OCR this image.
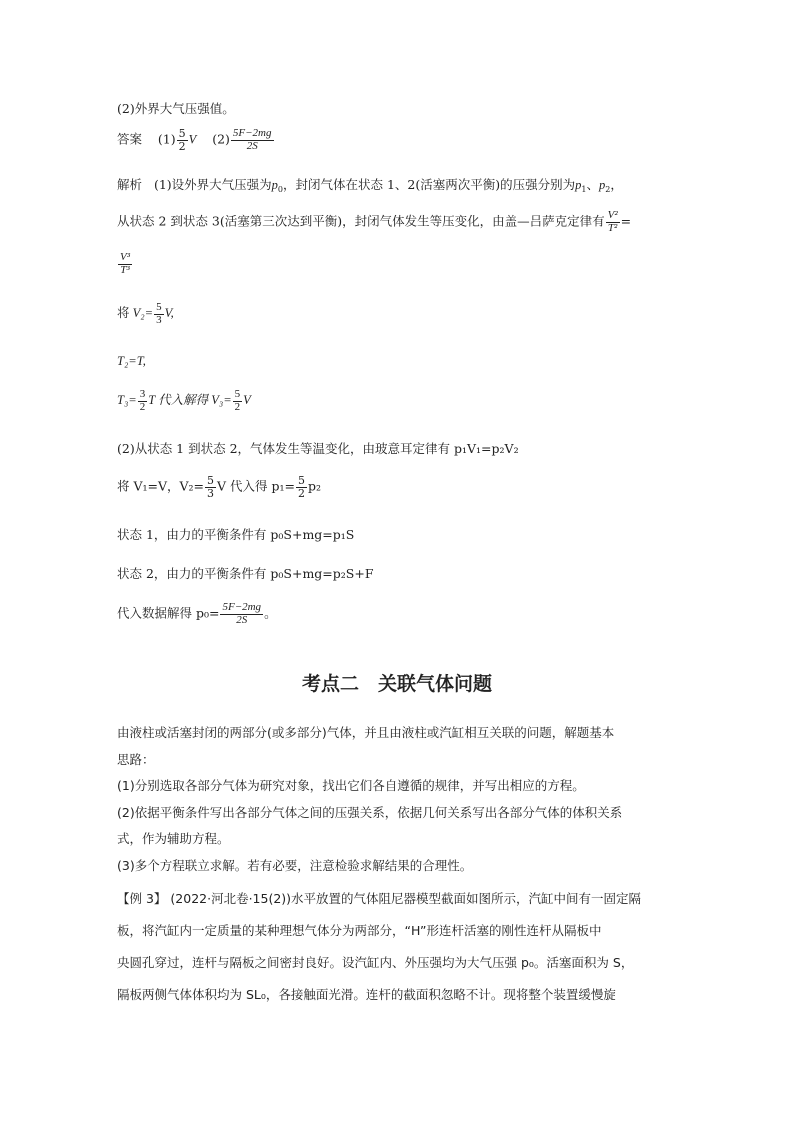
(2)外界大气压强值。
答案 $(1) \frac{5}{2}$ V $(2) \frac{5F-2mg}{2S}$
解析 (1)设外界大气压强为$p_0$，封闭气体在状态 1、2(活塞两次平衡)的压强分别为$p_1$、$p_2$，
从状态 2 到状态 3(活塞第三次达到平衡)，封闭气体发生等压变化，由盖—吕萨克定律有 $\frac{\text{V²}}{\text{T²}}$ =
$\frac{\text{V³}}{\text{T³}}$
将 $V_2= \frac{5}{3} V$,
T₂=T,
$T_3= \frac{3}{2}$ T 代入解得 $V_3= \frac{5}{2}$ V
(2)从状态 1 到状态 2，气体发生等温变化，由玻意耳定律有 p₁V₁=p₂V₂
将 V₁=V，$V_2= \frac{5}{3}$ V 代入得 $p_1= \frac{5}{2} p_2$
状态 1，由力的平衡条件有 p₀S+mg=p₁S
状态 2，由力的平衡条件有 p₀S+mg=p₂S+F
代入数据解得 $p_0= \frac{5F-2mg}{2S}$ 。
考点二　关联气体问题
由液柱或活塞封闭的两部分(或多部分)气体，并且由液柱或汽缸相互关联的问题，解题基本
思路：
(1)分别选取各部分气体为研究对象，找出它们各自遵循的规律，并写出相应的方程。
(2)依据平衡条件写出各部分气体之间的压强关系，依据几何关系写出各部分气体的体积关系
式，作为辅助方程。
(3)多个方程联立求解。若有必要，注意检验求解结果的合理性。
【例 3】 (2022·河北卷·15(2))水平放置的气体阻尼器模型截面如图所示，汽缸中间有一固定隔
板，将汽缸内一定质量的某种理想气体分为两部分，“H”形连杆活塞的刚性连杆从隔板中
央圆孔穿过，连杆与隔板之间密封良好。设汽缸内、外压强均为大气压强 p₀。活塞面积为 S，
隔板两侧气体体积均为 SL₀，各接触面光滑。连杆的截面积忽略不计。现将整个装置缓慢旋
